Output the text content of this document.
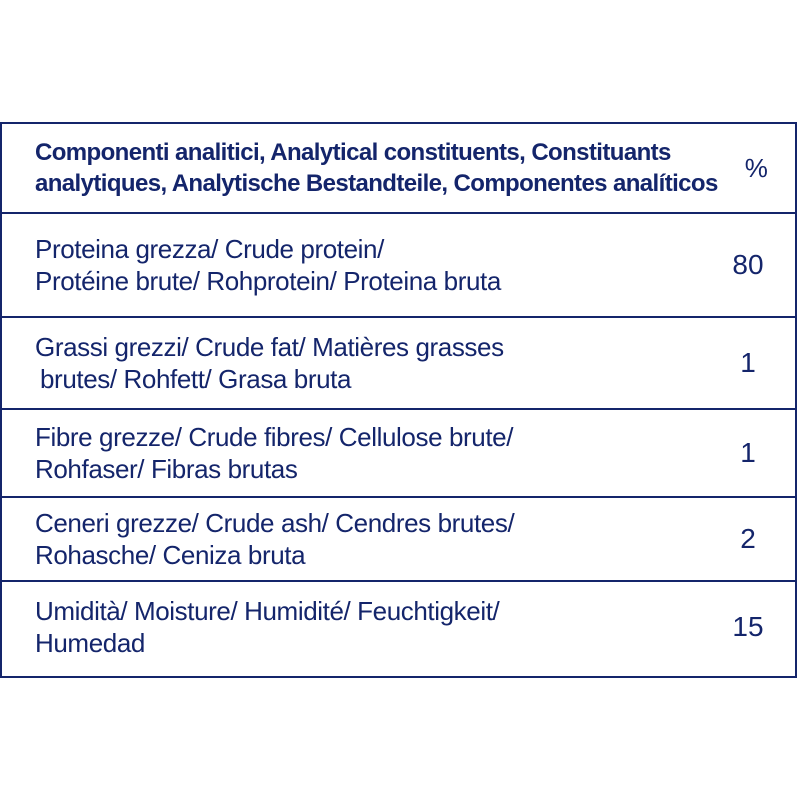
Componenti analitici, Analytical constituents, Constituants
analytiques, Analytische Bestandteile, Componentes analíticos
%
Proteina grezza/ Crude protein/
Protéine brute/ Rohprotein/ Proteina bruta
80
Grassi grezzi/ Crude fat/ Matières grasses
brutes/ Rohfett/ Grasa bruta
1
Fibre grezze/ Crude fibres/ Cellulose brute/
Rohfaser/ Fibras brutas
1
Ceneri grezze/ Crude ash/ Cendres brutes/
Rohasche/ Ceniza bruta
2
Umidità/ Moisture/ Humidité/ Feuchtigkeit/
Humedad
15
